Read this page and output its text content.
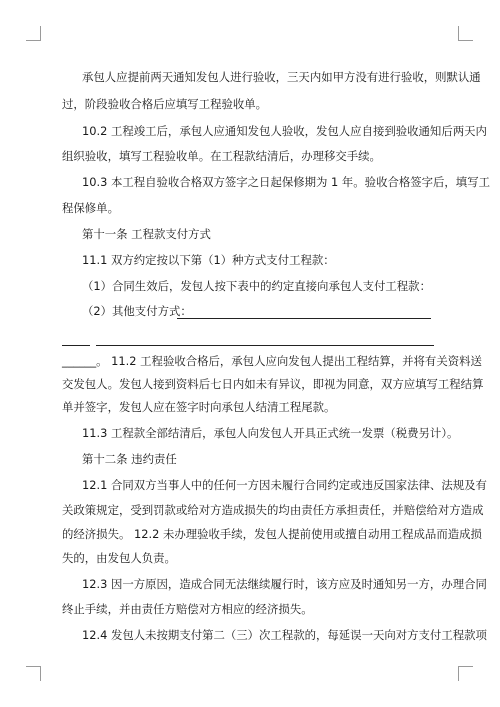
承包人应提前两天通知发包人进行验收，三天内如甲方没有进行验收，则默认通
过，阶段验收合格后应填写工程验收单。
10.2 工程竣工后，承包人应通知发包人验收，发包人应自接到验收通知后两天内
组织验收，填写工程验收单。在工程款结清后，办理移交手续。
10.3 本工程自验收合格双方签字之日起保修期为 1 年。验收合格签字后，填写工
程保修单。
第十一条 工程款支付方式
11.1 双方约定按以下第（1）种方式支付工程款：
（1）合同生效后，发包人按下表中的约定直接向承包人支付工程款：
（2）其他支付方式：
______。 11.2 工程验收合格后，承包人应向发包人提出工程结算，并将有关资料送
交发包人。发包人接到资料后七日内如未有异议，即视为同意，双方应填写工程结算
单并签字，发包人应在签字时向承包人结清工程尾款。
11.3 工程款全部结清后，承包人向发包人开具正式统一发票（税费另计）。
第十二条 违约责任
12.1 合同双方当事人中的任何一方因未履行合同约定或违反国家法律、法规及有
关政策规定，受到罚款或给对方造成损失的均由责任方承担责任，并赔偿给对方造成
的经济损失。 12.2 未办理验收手续，发包人提前使用或擅自动用工程成品而造成损
失的，由发包人负责。
12.3 因一方原因，造成合同无法继续履行时，该方应及时通知另一方，办理合同
终止手续，并由责任方赔偿对方相应的经济损失。
12.4 发包人未按期支付第二（三）次工程款的，每延误一天向对方支付工程款项
